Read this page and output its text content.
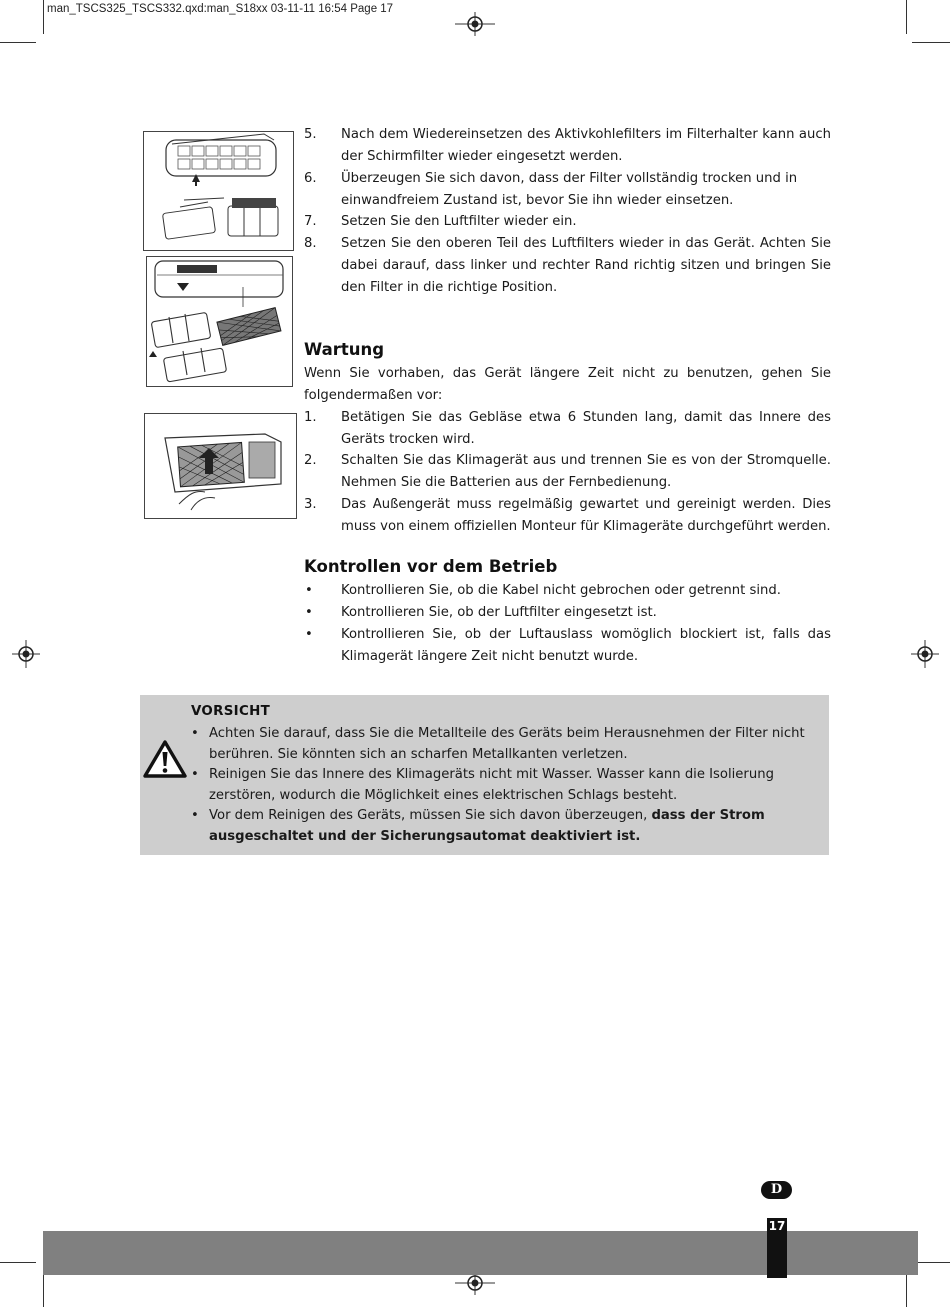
man_TSCS325_TSCS332.qxd:man_S18xx 03-11-11 16:54 Page 17
5. Nach dem Wiedereinsetzen des Aktivkohlefilters im Filterhalter kann auch der Schirmfilter wieder eingesetzt werden.
6. Überzeugen Sie sich davon, dass der Filter vollständig trocken und in einwandfreiem Zustand ist, bevor Sie ihn wieder einsetzen.
7. Setzen Sie den Luftfilter wieder ein.
8. Setzen Sie den oberen Teil des Luftfilters wieder in das Gerät. Achten Sie dabei darauf, dass linker und rechter Rand richtig sitzen und bringen Sie den Filter in die richtige Position.
Wartung
Wenn Sie vorhaben, das Gerät längere Zeit nicht zu benutzen, gehen Sie folgendermaßen vor:
1. Betätigen Sie das Gebläse etwa 6 Stunden lang, damit das Innere des Geräts trocken wird.
2. Schalten Sie das Klimagerät aus und trennen Sie es von der Stromquelle. Nehmen Sie die Batterien aus der Fernbedienung.
3. Das Außengerät muss regelmäßig gewartet und gereinigt werden. Dies muss von einem offiziellen Monteur für Klimageräte durchgeführt werden.
Kontrollen vor dem Betrieb
• Kontrollieren Sie, ob die Kabel nicht gebrochen oder getrennt sind.
• Kontrollieren Sie, ob der Luftfilter eingesetzt ist.
• Kontrollieren Sie, ob der Luftauslass womöglich blockiert ist, falls das Klimagerät längere Zeit nicht benutzt wurde.
VORSICHT
• Achten Sie darauf, dass Sie die Metallteile des Geräts beim Herausnehmen der Filter nicht berühren. Sie könnten sich an scharfen Metallkanten verletzen.
• Reinigen Sie das Innere des Klimageräts nicht mit Wasser. Wasser kann die Isolierung zerstören, wodurch die Möglichkeit eines elektrischen Schlags besteht.
• Vor dem Reinigen des Geräts, müssen Sie sich davon überzeugen, dass der Strom ausgeschaltet und der Sicherungsautomat deaktiviert ist.
D
17
